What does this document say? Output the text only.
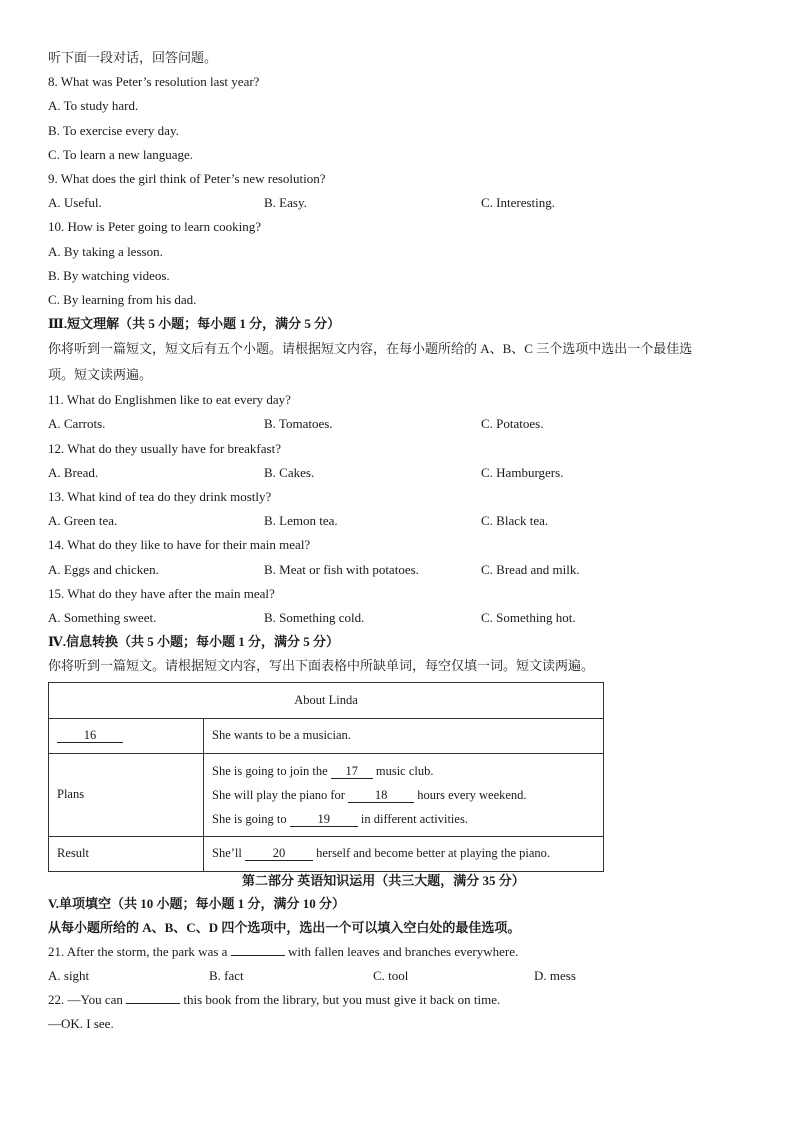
听下面一段对话，回答问题。
8. What was Peter’s resolution last year?
A. To study hard.
B. To exercise every day.
C. To learn a new language.
9. What does the girl think of Peter’s new resolution?
A. Useful.	B. Easy.	C. Interesting.
10. How is Peter going to learn cooking?
A. By taking a lesson.
B. By watching videos.
C. By learning from his dad.
Ⅲ.短文理解（共 5 小题；每小题 1 分，满分 5 分）
你将听到一篇短文，短文后有五个小题。请根据短文内容，在每小题所给的 A、B、C 三个选项中选出一个最佳选
项。短文读两遍。
11. What do Englishmen like to eat every day?
A. Carrots.	B. Tomatoes.	C. Potatoes.
12. What do they usually have for breakfast?
A. Bread.	B. Cakes.	C. Hamburgers.
13. What kind of tea do they drink mostly?
A. Green tea.	B. Lemon tea.	C. Black tea.
14. What do they like to have for their main meal?
A. Eggs and chicken.	B. Meat or fish with potatoes.	C. Bread and milk.
15. What do they have after the main meal?
A. Something sweet.	B. Something cold.	C. Something hot.
Ⅳ.信息转换（共 5 小题；每小题 1 分，满分 5 分）
你将听到一篇短文。请根据短文内容，写出下面表格中所缺单词，每空仅填一词。短文读两遍。
About Linda	
16	She wants to be a musician.
Plans	She is going to join the 17 music club.
She will play the piano for 18 hours every weekend.
She is going to 19 in different activities.

Result	She’ll 20 herself and become better at playing the piano.
第二部分 英语知识运用（共三大题，满分 35 分）
V.单项填空（共 10 小题；每小题 1 分，满分 10 分）
从每小题所给的 A、B、C、D 四个选项中，选出一个可以填入空白处的最佳选项。
21. After the storm, the park was a	with fallen leaves and branches everywhere.
A. sight	B. fact	C. tool	D. mess
22. —You can	this book from the library, but you must give it back on time.
—OK. I see.
